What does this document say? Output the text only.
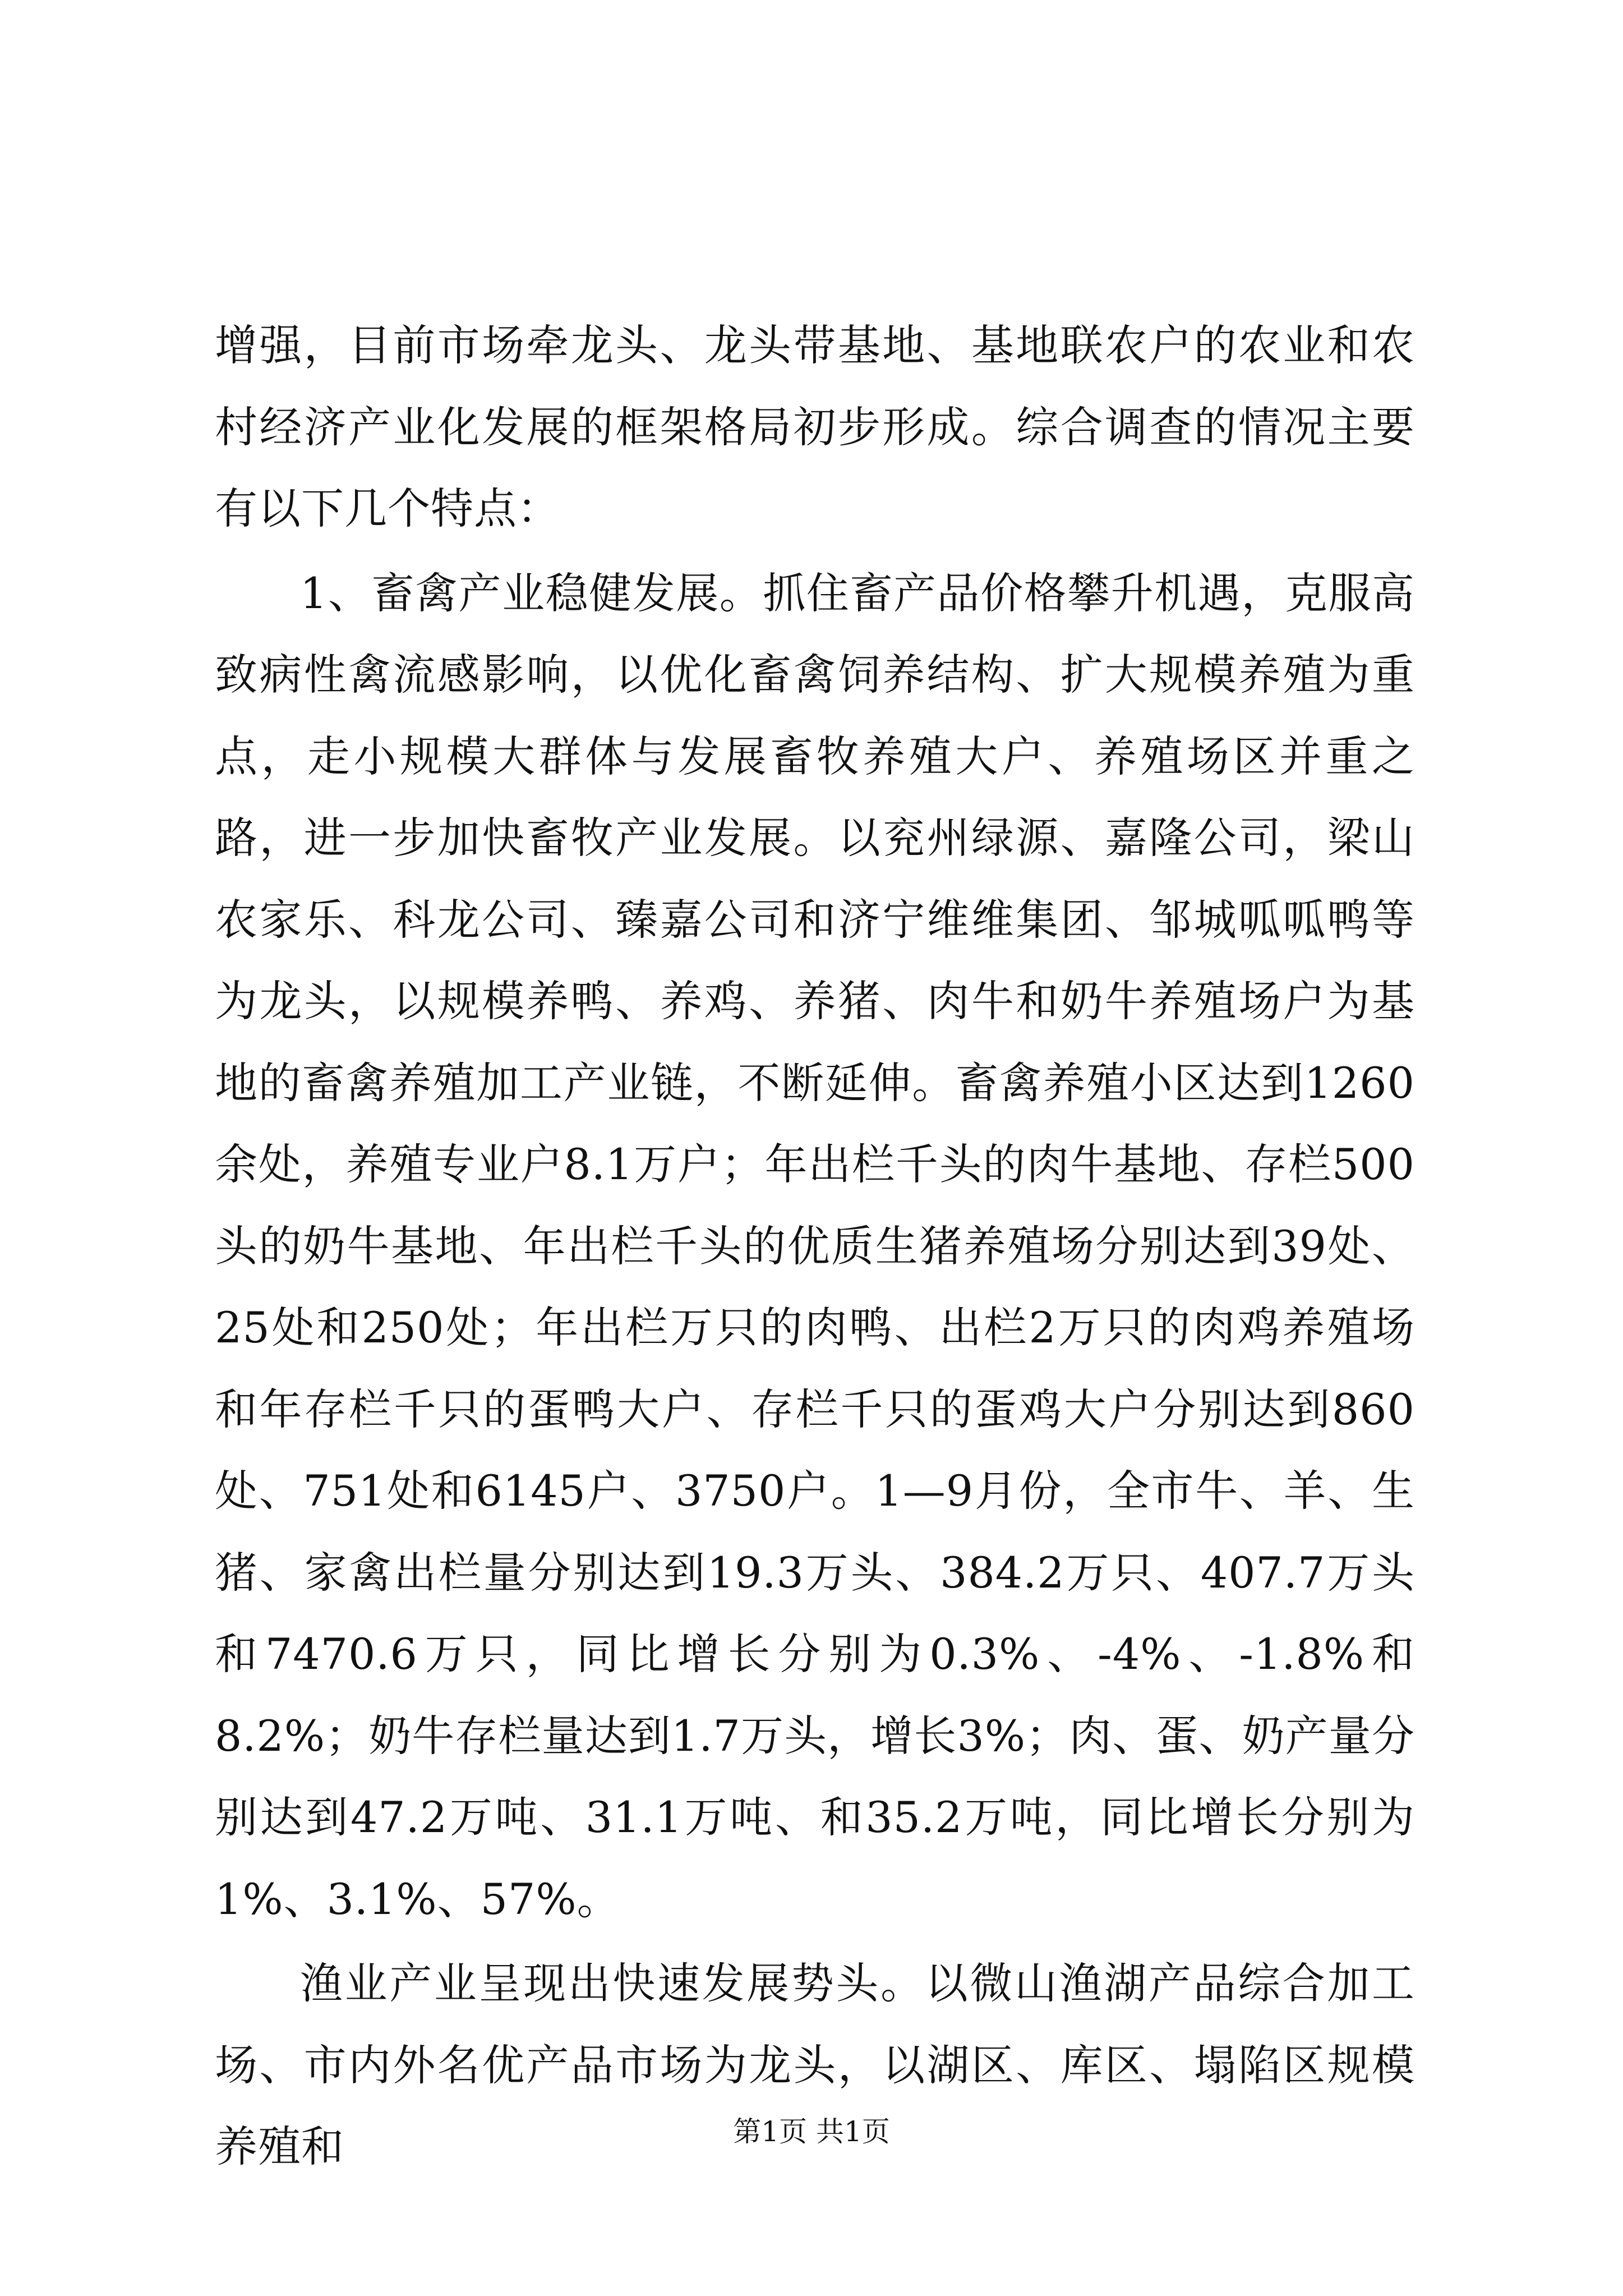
增强，目前市场牵龙头、龙头带基地、基地联农户的农业和农村经济产业化发展的框架格局初步形成。综合调查的情况主要有以下几个特点：

1、畜禽产业稳健发展。抓住畜产品价格攀升机遇，克服高致病性禽流感影响，以优化畜禽饲养结构、扩大规模养殖为重点，走小规模大群体与发展畜牧养殖大户、养殖场区并重之路，进一步加快畜牧产业发展。以兖州绿源、嘉隆公司，梁山农家乐、科龙公司、臻嘉公司和济宁维维集团、邹城呱呱鸭等为龙头，以规模养鸭、养鸡、养猪、肉牛和奶牛养殖场户为基地的畜禽养殖加工产业链，不断延伸。畜禽养殖小区达到1260余处，养殖专业户8.1万户；年出栏千头的肉牛基地、存栏500头的奶牛基地、年出栏千头的优质生猪养殖场分别达到39处、25处和250处；年出栏万只的肉鸭、出栏2万只的肉鸡养殖场和年存栏千只的蛋鸭大户、存栏千只的蛋鸡大户分别达到860处、751处和6145户、3750户。1—9月份，全市牛、羊、生猪、家禽出栏量分别达到19.3万头、384.2万只、407.7万头和7470.6万只，同比增长分别为0.3%、-4%、-1.8%和8.2%；奶牛存栏量达到1.7万头，增长3%；肉、蛋、奶产量分别达到47.2万吨、31.1万吨、和35.2万吨，同比增长分别为1%、3.1%、57%。

渔业产业呈现出快速发展势头。以微山渔湖产品综合加工场、市内外名优产品市场为龙头，以湖区、库区、塌陷区规模养殖和	第1页 共1页
